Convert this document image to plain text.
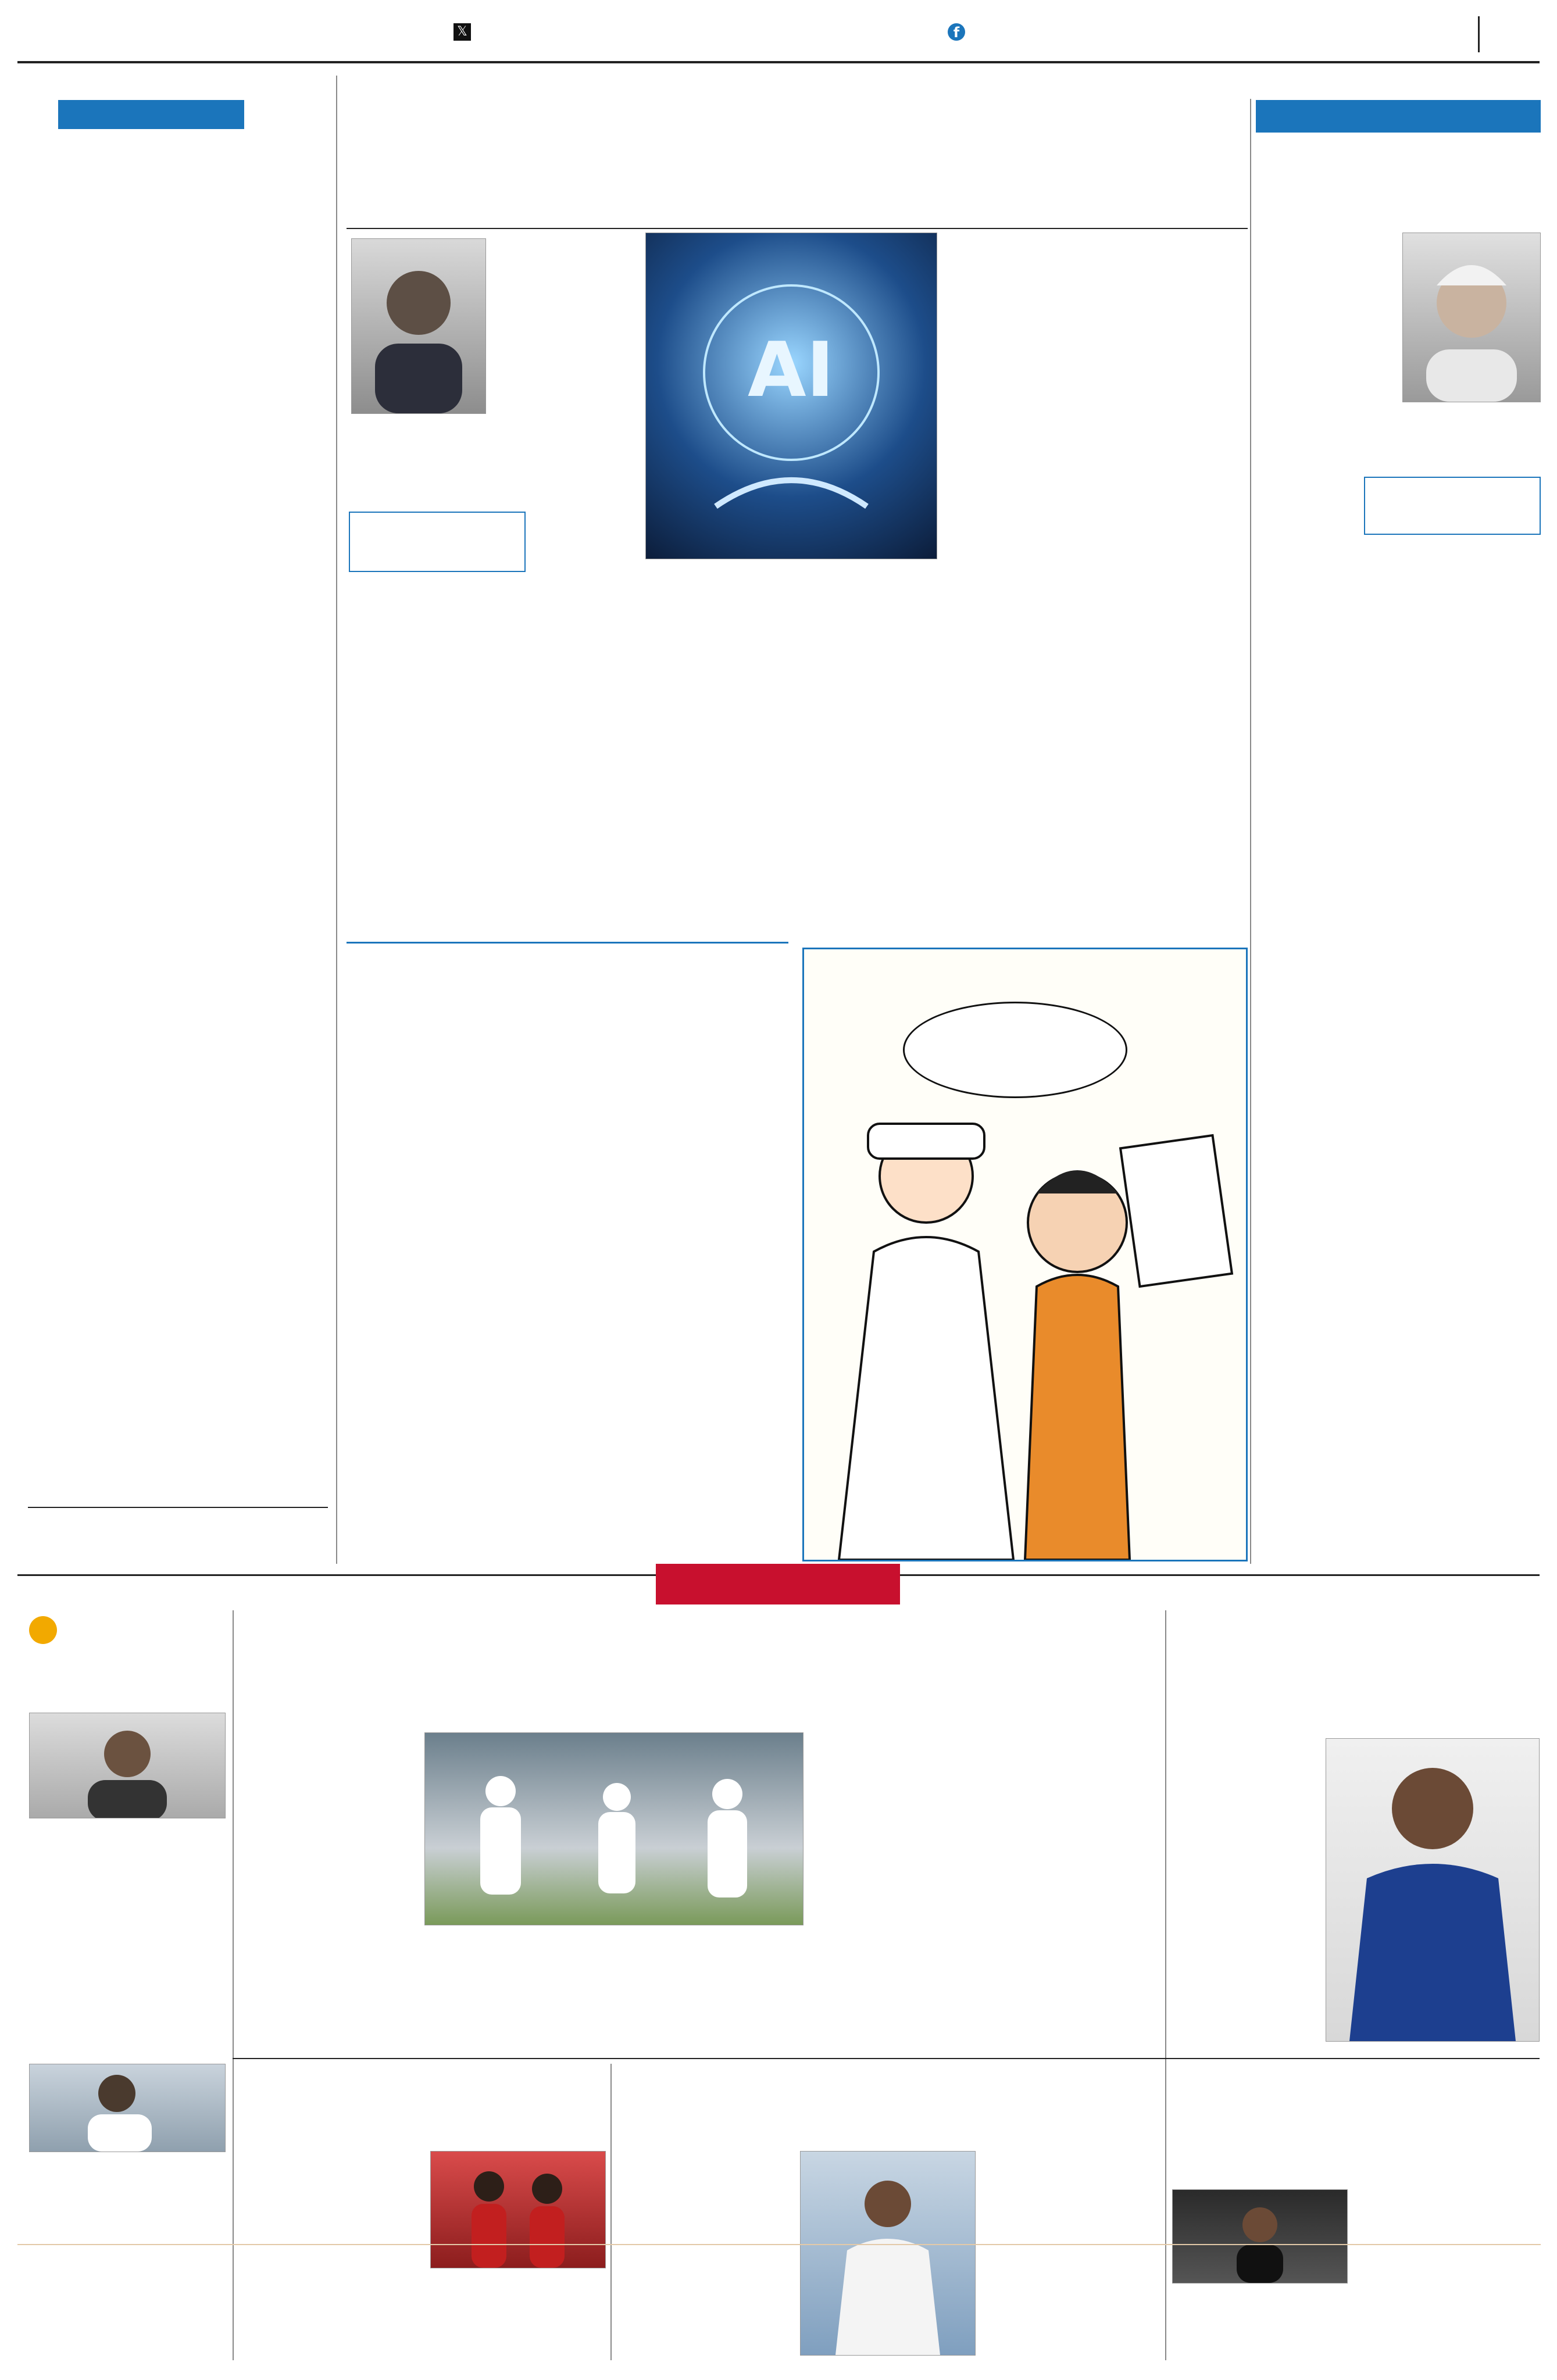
𝕏	f
AI
